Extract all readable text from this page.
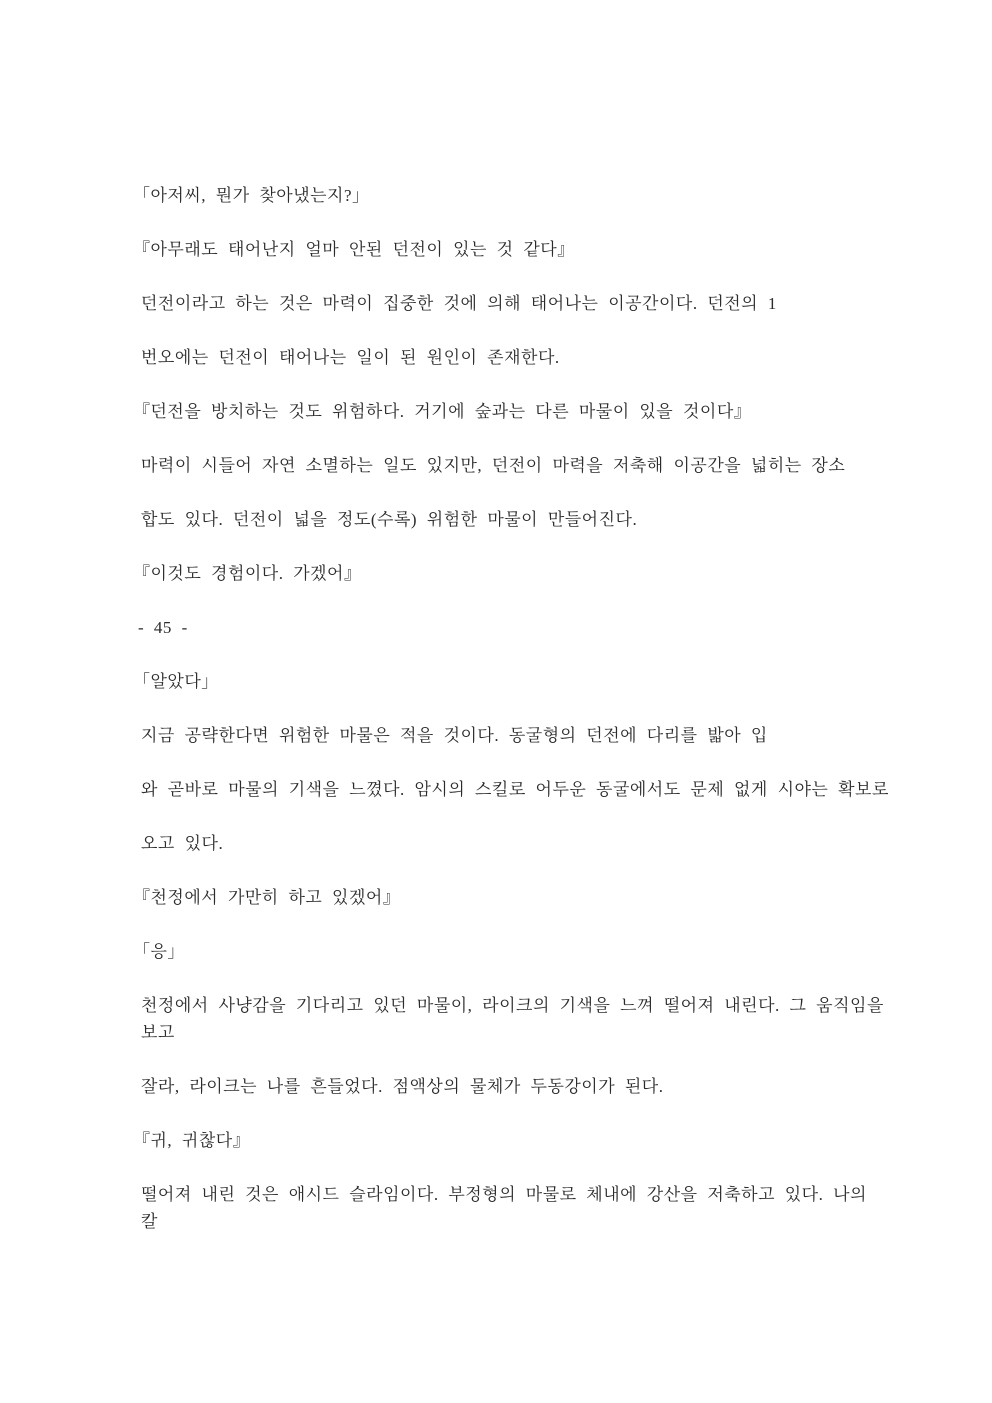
「아저씨, 뭔가 찾아냈는지?」

『아무래도 태어난지 얼마 안된 던전이 있는 것 같다』

던전이라고 하는 것은 마력이 집중한 것에 의해 태어나는 이공간이다. 던전의 1

번오에는 던전이 태어나는 일이 된 원인이 존재한다.

『던전을 방치하는 것도 위험하다. 거기에 숲과는 다른 마물이 있을 것이다』

마력이 시들어 자연 소멸하는 일도 있지만, 던전이 마력을 저축해 이공간을 넓히는 장소

합도 있다. 던전이 넓을 정도(수록) 위험한 마물이 만들어진다.

『이것도 경험이다. 가겠어』

- 45 -

「알았다」

지금 공략한다면 위험한 마물은 적을 것이다. 동굴형의 던전에 다리를 밟아 입

와 곧바로 마물의 기색을 느꼈다. 암시의 스킬로 어두운 동굴에서도 문제 없게 시야는 확보로

오고 있다.

『천정에서 가만히 하고 있겠어』

「응」

천정에서 사냥감을 기다리고 있던 마물이, 라이크의 기색을 느껴 떨어져 내린다. 그 움직임을

보고

잘라, 라이크는 나를 흔들었다. 점액상의 물체가 두동강이가 된다.

『귀, 귀찮다』

떨어져 내린 것은 애시드 슬라임이다. 부정형의 마물로 체내에 강산을 저축하고 있다. 나의

칼
